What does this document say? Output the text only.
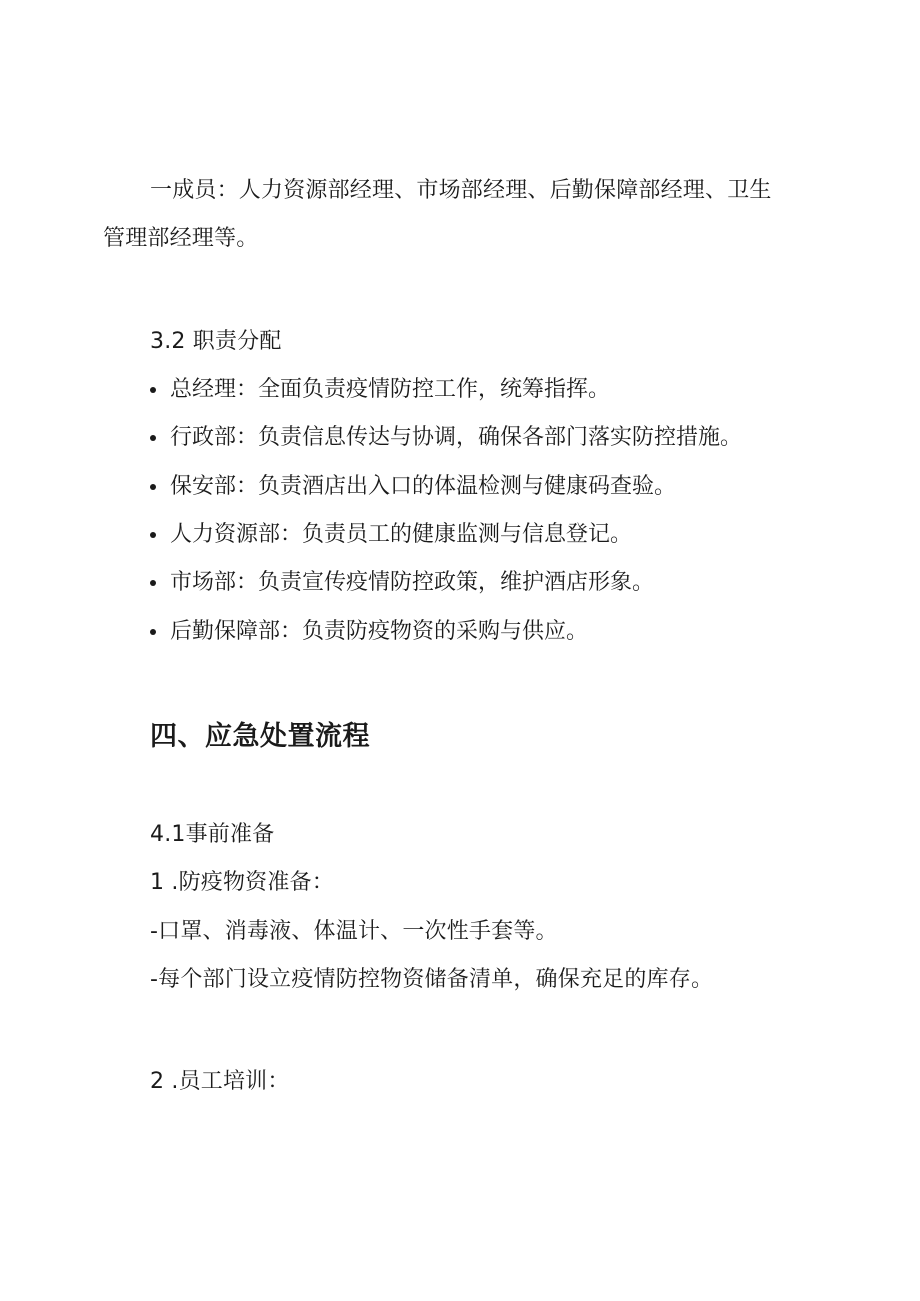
一成员：人力资源部经理、市场部经理、后勤保障部经理、卫生
管理部经理等。
3.2 职责分配
总经理：全面负责疫情防控工作，统筹指挥。
行政部：负责信息传达与协调，确保各部门落实防控措施。
保安部：负责酒店出入口的体温检测与健康码查验。
人力资源部：负责员工的健康监测与信息登记。
市场部：负责宣传疫情防控政策，维护酒店形象。
后勤保障部：负责防疫物资的采购与供应。
四、应急处置流程
4.1事前准备
1 .防疫物资准备：
-口罩、消毒液、体温计、一次性手套等。
-每个部门设立疫情防控物资储备清单，确保充足的库存。
2 .员工培训：
